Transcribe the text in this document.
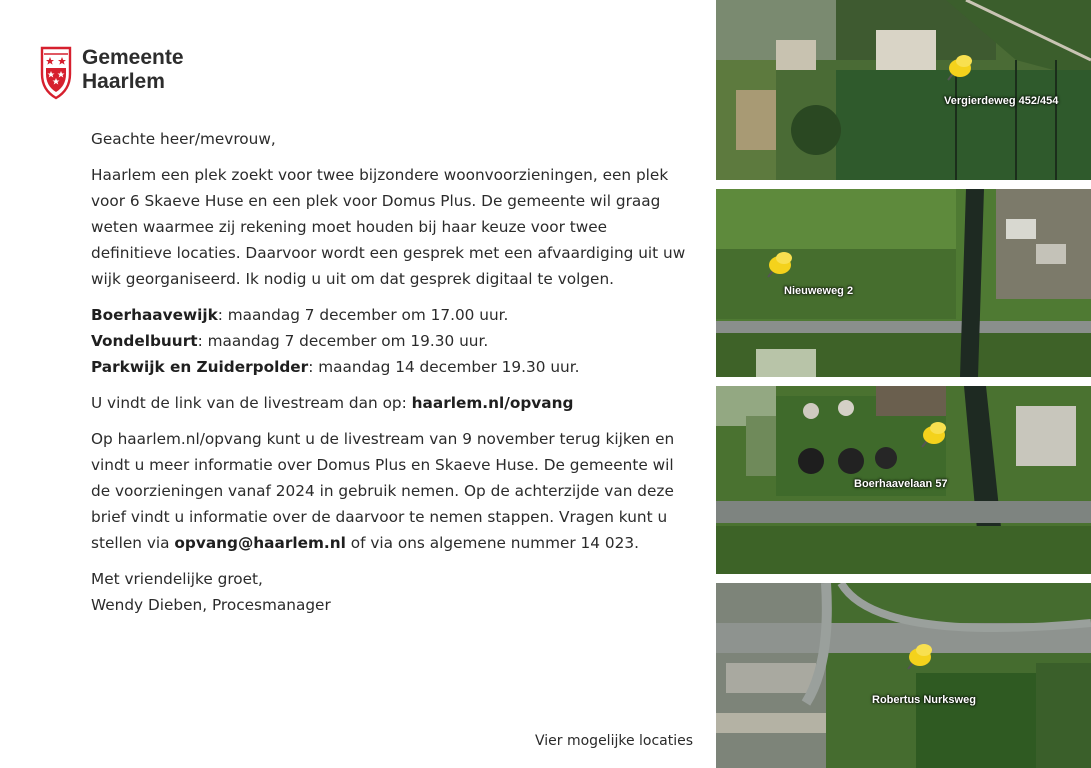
Gemeente
Haarlem

Geachte heer/mevrouw,

Haarlem een plek zoekt voor twee bijzondere woonvoorzieningen, een plek voor 6 Skaeve Huse en een plek voor Domus Plus. De gemeente wil graag weten waarmee zij rekening moet houden bij haar keuze voor twee definitieve locaties. Daarvoor wordt een gesprek met een afvaardiging uit uw wijk georganiseerd. Ik nodig u uit om dat gesprek digitaal te volgen.

Boerhaavewijk: maandag 7 december om 17.00 uur.
Vondelbuurt: maandag 7 december om 19.30 uur.
Parkwijk en Zuiderpolder: maandag 14 december 19.30 uur.

U vindt de link van de livestream dan op: haarlem.nl/opvang

Op haarlem.nl/opvang kunt u de livestream van 9 november terug kijken en vindt u meer informatie over Domus Plus en Skaeve Huse. De gemeente wil de voorzieningen vanaf 2024 in gebruik nemen. Op de achterzijde van deze brief vindt u informatie over de daarvoor te nemen stappen. Vragen kunt u stellen via opvang@haarlem.nl of via ons algemene nummer 14 023.

Met vriendelijke groet,
Wendy Dieben, Procesmanager

Vier mogelijke locaties
Vergierdeweg 452/454
Nieuweweg 2
Boerhaavelaan 57
Robertus Nurksweg
